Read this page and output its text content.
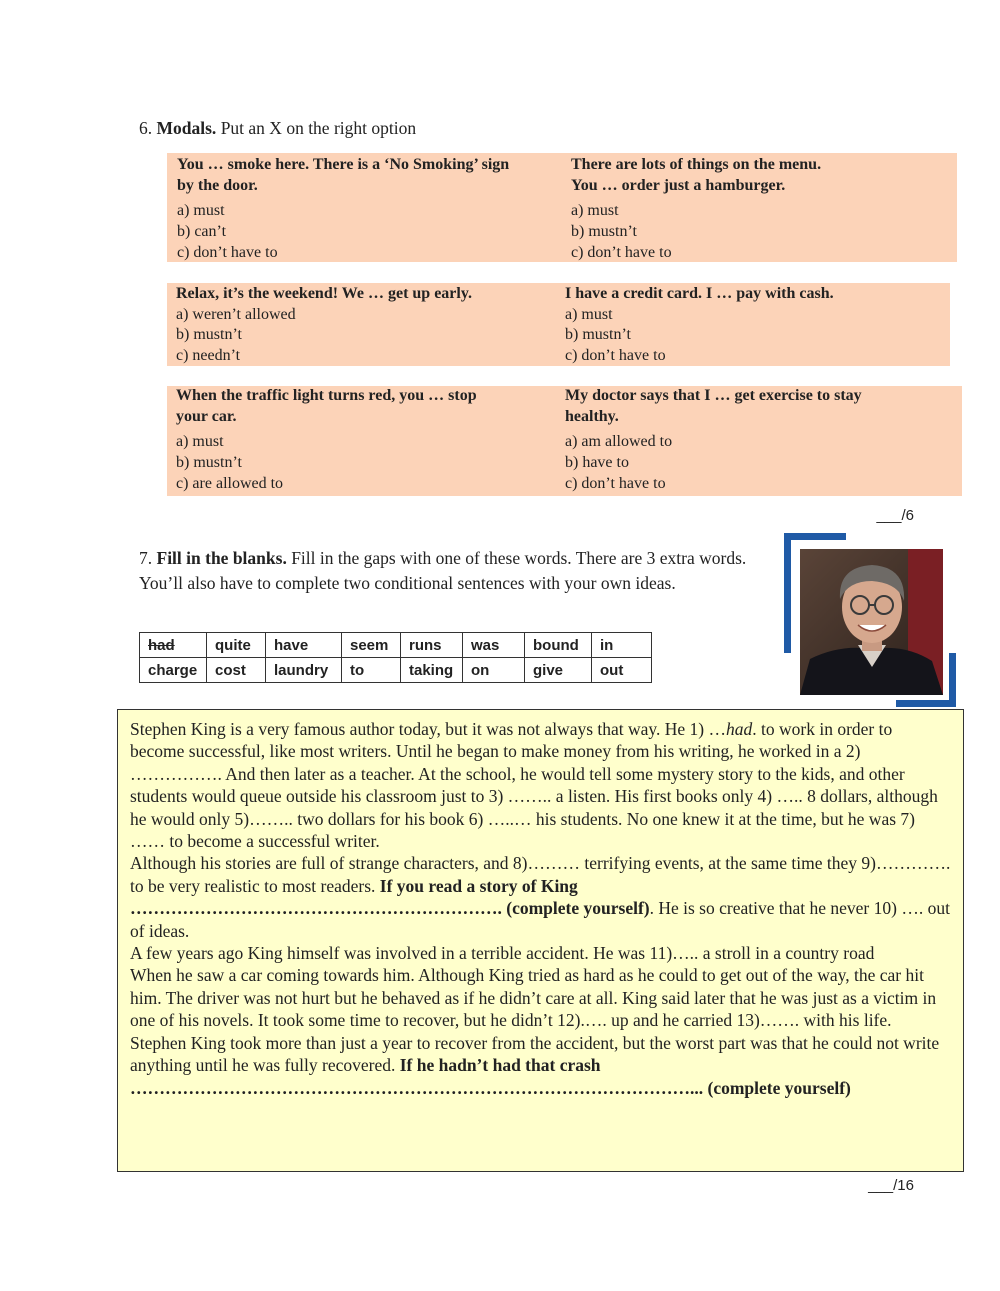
6. Modals. Put an X on the right option
You … smoke here. There is a ‘No Smoking’ sign
by the door.
a) must
b) can’t
c) don’t have to
There are lots of things on the menu.
You … order just a hamburger.
a) must
b) mustn’t
c) don’t have to
Relax, it’s the weekend! We … get up early.
a) weren’t allowed
b) mustn’t
c) needn’t
I have a credit card. I … pay with cash.
a) must
b) mustn’t
c) don’t have to
When the traffic light turns red, you … stop
your car.
a) must
b) mustn’t
c) are allowed to
My doctor says that I … get exercise to stay
healthy.
a) am allowed to
b) have to
c) don’t have to
___/6
7. Fill in the blanks. Fill in the gaps with one of these words. There are 3 extra words. You’ll also have to complete two conditional sentences with your own ideas.
had	quite	have	seem	runs	was	bound	in
charge	cost	laundry	to	taking	on	give	out

Stephen King is a very famous author today, but it was not always that way. He 1) …had. to work in order to become successful, like most writers. Until he began to make money from his writing, he worked in a 2) ……………. And then later as a teacher. At the school, he would tell some mystery story to the kids, and other students would queue outside his classroom just to 3) …….. a listen. His first books only 4) ….. 8 dollars, although he would only 5)…….. two dollars for his book 6) …..… his students. No one knew it at the time, but he was 7) …… to become a successful writer.

Although his stories are full of strange characters, and 8)……… terrifying events, at the same time they 9)…………. to be very realistic to most readers. If you read a story of King ………………………………………………………. (complete yourself). He is so creative that he never 10) …. out of ideas.

A few years ago King himself was involved in a terrible accident. He was 11)….. a stroll in a country road

When he saw a car coming towards him. Although King tried as hard as he could to get out of the way, the car hit him. The driver was not hurt but he behaved as if he didn’t care at all. King said later that he was just as a victim in one of his novels. It took some time to recover, but he didn’t 12).…. up and he carried 13)……. with his life.

Stephen King took more than just a year to recover from the accident, but the worst part was that he could not write anything until he was fully recovered. If he hadn’t had that crash ……………………………………………………………………………………... (complete yourself)

___/16
